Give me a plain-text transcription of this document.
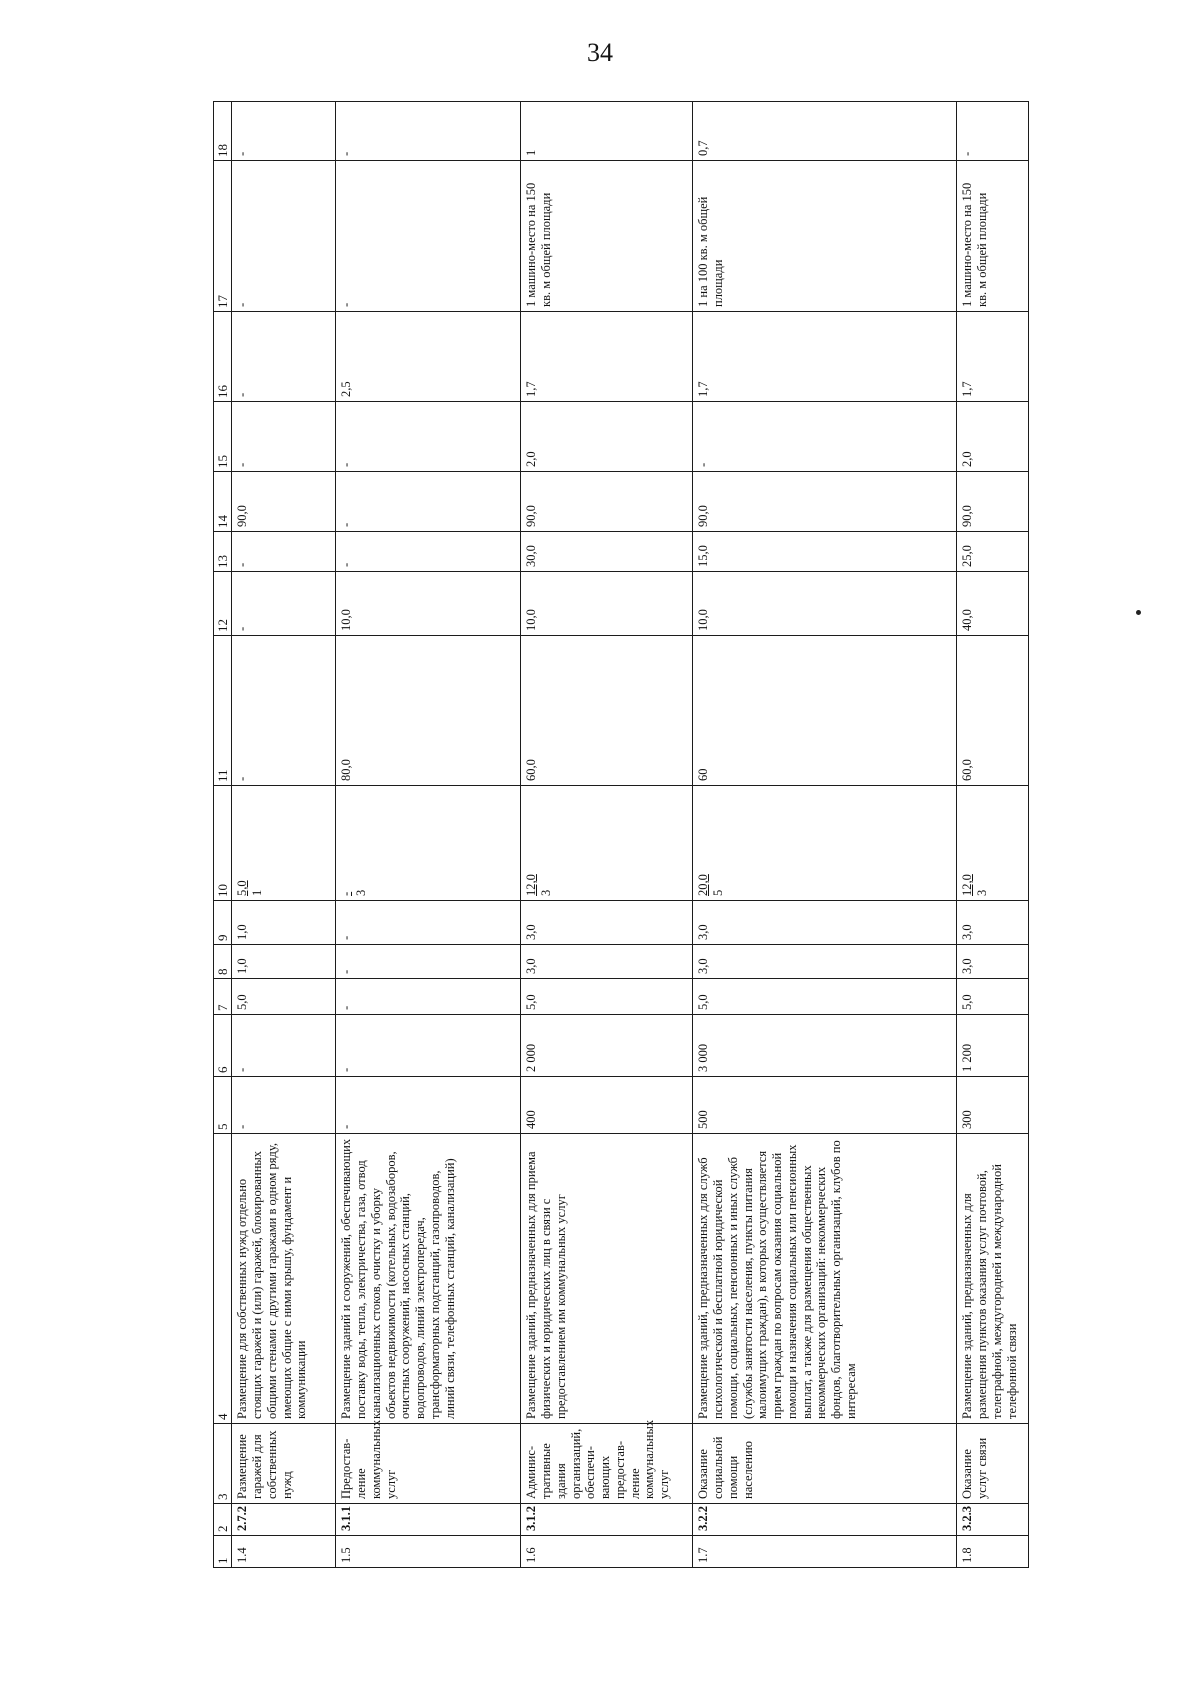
34
1	2	3	4	5	6	7	8	9	10	11	12	13	14	15	16	17	18
1.4	2.7.2	Размещение гаражей для собственных нужд	Размещение для собственных нужд отдельно стоящих гаражей и (или) гаражей, блокированных общими стенами с другими гаражами в одном ряду, имеющих общие с ними крышу, фундамент и коммуникации	-	-	5,0	1,0	1,0	5,0 1	-	-	-	90,0	-	-	-	-
1.5	3.1.1	Предостав-ление коммунальных услуг	Размещение зданий и сооружений, обеспечивающих поставку воды, тепла, электричества, газа, отвод канализационных стоков, очистку и уборку объектов недвижимости (котельных, водозаборов, очистных сооружений, насосных станций, водопроводов, линий электропередач, трансформаторных подстанций, газопроводов, линий связи, телефонных станций, канализаций)	-	-	-	-	-	- 3	80,0	10,0	-	-	-	2,5	-	-
1.6	3.1.2	Админис-тративные здания организаций, обеспечи-вающих предостав-ление коммунальных услуг	Размещение зданий, предназначенных для приема физических и юридических лиц в связи с предоставлением им коммунальных услуг	400	2 000	5,0	3,0	3,0	12,0 3	60,0	10,0	30,0	90,0	2,0	1,7	1 машино-место на 150 кв. м общей площади	1
1.7	3.2.2	Оказание социальной помощи населению	Размещение зданий, предназначенных для служб психологической и бесплатной юридической помощи, социальных, пенсионных и иных служб (службы занятости населения, пункты питания малоимущих граждан), в которых осуществляется прием граждан по вопросам оказания социальной помощи и назначения социальных или пенсионных выплат, а также для размещения общественных некоммерческих организаций: некоммерческих фондов, благотворительных организаций, клубов по интересам	500	3 000	5,0	3,0	3,0	20,0 5	60	10,0	15,0	90,0	-	1,7	1 на 100 кв. м общей площади	0,7
1.8	3.2.3	Оказание услуг связи	Размещение зданий, предназначенных для размещения пунктов оказания услуг почтовой, телеграфной, междугородней и международной телефонной связи	300	1 200	5,0	3,0	3,0	12,0 3	60,0	40,0	25,0	90,0	2,0	1,7	1 машино-место на 150 кв. м общей площади	-
